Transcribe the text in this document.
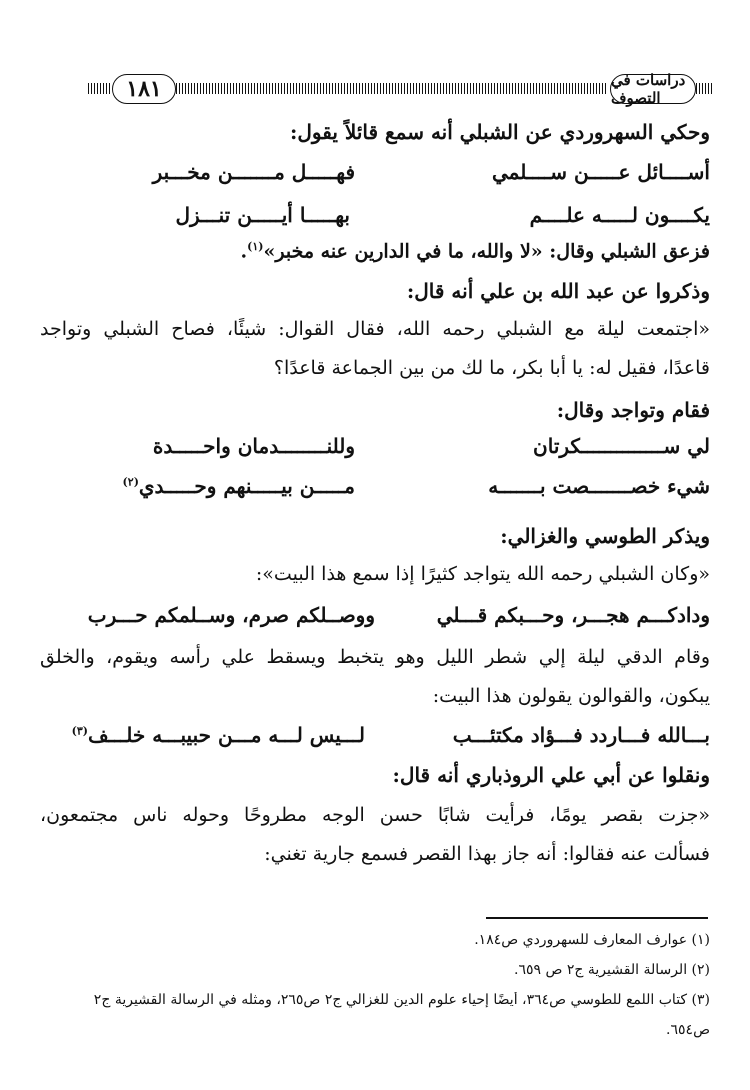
١٨١	دراسات في التصوف
وحكي السهروردي عن الشبلي أنه سمع قائلاً يقول:
أســــائل عـــــن ســــلمي
فهـــــل مـــــــن مخـــبر
يكــــون لـــــه علــــم
بهـــــا أيـــــن تنـــزل
فزعق الشبلي وقال: «لا والله، ما في الدارين عنه مخبر»$^{(١)}$.
وذكروا عن عبد الله بن علي أنه قال:
«اجتمعت ليلة مع الشبلي رحمه الله، فقال القوال: شيئًا، فصاح الشبلي وتواجد
قاعدًا، فقيل له: يا أبا بكر، ما لك من بين الجماعة قاعدًا؟
فقام وتواجد وقال:
لي ســــــــــــــكرتان
وللنــــــــدمان واحـــــدة
شيء خصـــــــصت بـــــــه
مـــــن بيـــــنهم وحـــــدي$^{(٢)}$
ويذكر الطوسي والغزالي:
«وكان الشبلي رحمه الله يتواجد كثيرًا إذا سمع هذا البيت»:
ودادكـــم هجـــر، وحـــبكم قـــلي
ووصــلكم صرم، وســلمكم حـــرب
وقام الدقي ليلة إلي شطر الليل وهو يتخبط ويسقط علي رأسه ويقوم، والخلق
يبكون، والقوالون يقولون هذا البيت:
بـــالله فـــاردد فـــؤاد مكتئـــب
لـــيس لـــه مـــن حبيبـــه خلـــف$^{(٣)}$
ونقلوا عن أبي علي الروذباري أنه قال:
«جزت بقصر يومًا، فرأيت شابًا حسن الوجه مطروحًا وحوله ناس مجتمعون،
فسألت عنه فقالوا: أنه جاز بهذا القصر فسمع جارية تغني:
(١) عوارف المعارف للسهروردي ص١٨٤.
(٢) الرسالة القشيرية ج٢ ص ٦٥٩.
(٣) كتاب اللمع للطوسي ص٣٦٤، أيضًا إحياء علوم الدين للغزالي ج٢ ص٢٦٥، ومثله في الرسالة القشيرية ج٢
ص٦٥٤.
